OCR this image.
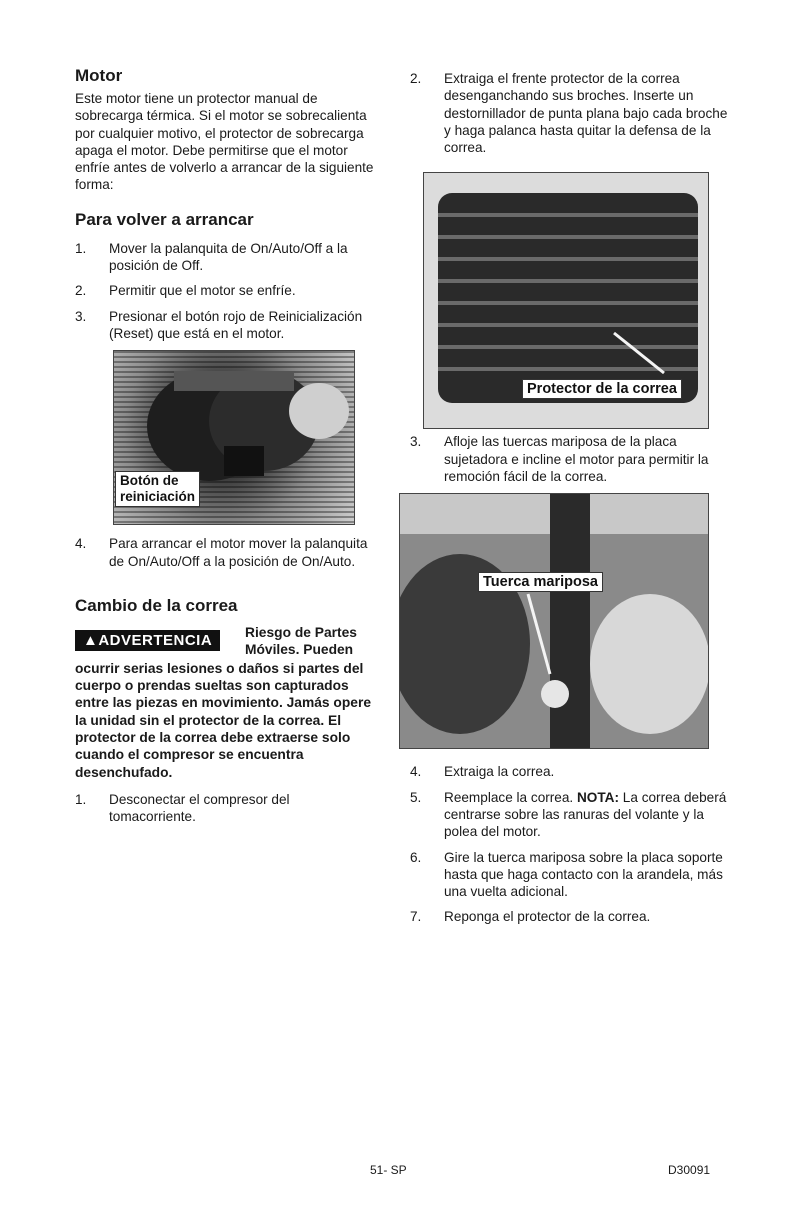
Motor

Este motor tiene un protector manual de sobrecarga térmica. Si el motor se sobrecalienta por cualquier motivo, el protector de sobrecarga apaga el motor. Debe permitirse que el motor enfríe antes de volverlo a arrancar de la siguiente forma:

Para volver a arrancar
1. Mover la palanquita de On/Auto/Off a la posición de Off.
2. Permitir que el motor se enfríe.
3. Presionar el botón rojo de Reinicialización (Reset) que está en el motor.
Botón de
reiniciación
4. Para arrancar el motor mover la palanquita de On/Auto/Off a la posición de On/Auto.
Cambio de la correa
▲ADVERTENCIA	Riesgo de Partes Móviles. Pueden

ocurrir serias lesiones o daños si partes del cuerpo o prendas sueltas son capturados entre las piezas en movimiento. Jamás opere la unidad sin el protector de la correa. El protector de la correa debe extraerse solo cuando el compresor se encuentra desenchufado.

1. Desconectar el compresor del tomacorriente.
2. Extraiga el frente protector de la correa desenganchando sus broches. Inserte un destornillador de punta plana bajo cada broche y haga palanca hasta quitar la defensa de la correa.
Protector de la correa
3. Afloje las tuercas mariposa de la placa sujetadora e incline el motor para permitir la remoción fácil de la correa.
Tuerca mariposa
4. Extraiga la correa.
5. Reemplace la correa. NOTA: La correa deberá centrarse sobre las ranuras del volante y la polea del motor.
6. Gire la tuerca mariposa sobre la placa soporte hasta que haga contacto con la arandela, más una vuelta adicional.
7. Reponga el protector de la correa.
51- SP	D30091
